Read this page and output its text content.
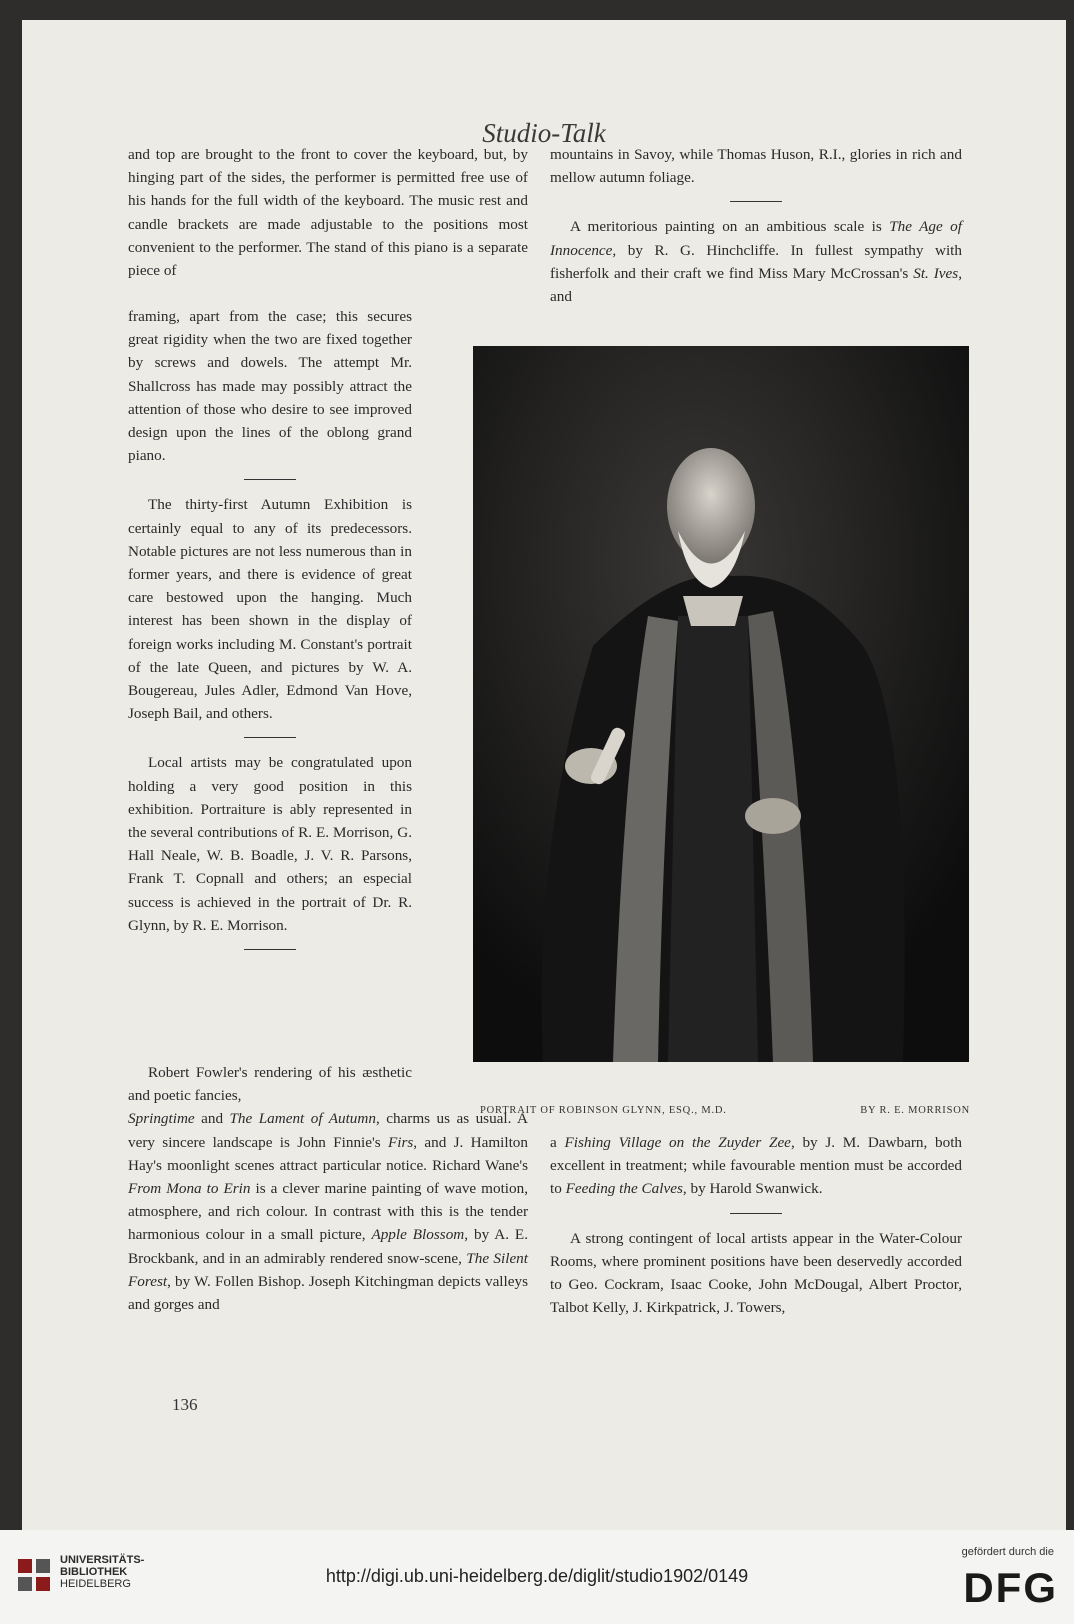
Studio-Talk

and top are brought to the front to cover the keyboard, but, by hinging part of the sides, the performer is permitted free use of his hands for the full width of the keyboard. The music rest and candle brackets are made adjustable to the positions most convenient to the performer. The stand of this piano is a separate piece of

framing, apart from the case; this secures great rigidity when the two are fixed together by screws and dowels. The attempt Mr. Shallcross has made may possibly attract the attention of those who desire to see improved design upon the lines of the oblong grand piano.

The thirty-first Autumn Exhibition is certainly equal to any of its predecessors. Notable pictures are not less numerous than in former years, and there is evidence of great care bestowed upon the hanging. Much interest has been shown in the display of foreign works including M. Constant's portrait of the late Queen, and pictures by W. A. Bougereau, Jules Adler, Edmond Van Hove, Joseph Bail, and others.

Local artists may be congratulated upon holding a very good position in this exhibition. Portraiture is ably represented in the several contributions of R. E. Morrison, G. Hall Neale, W. B. Boadle, J. V. R. Parsons, Frank T. Copnall and others; an especial success is achieved in the portrait of Dr. R. Glynn, by R. E. Morrison.

Robert Fowler's rendering of his æsthetic and poetic fancies,

Springtime and The Lament of Autumn, charms us as usual. A very sincere landscape is John Finnie's Firs, and J. Hamilton Hay's moonlight scenes attract particular notice. Richard Wane's From Mona to Erin is a clever marine painting of wave motion, atmosphere, and rich colour. In contrast with this is the tender harmonious colour in a small picture, Apple Blossom, by A. E. Brockbank, and in an admirably rendered snow-scene, The Silent Forest, by W. Follen Bishop. Joseph Kitchingman depicts valleys and gorges and

mountains in Savoy, while Thomas Huson, R.I., glories in rich and mellow autumn foliage.

A meritorious painting on an ambitious scale is The Age of Innocence, by R. G. Hinchcliffe. In fullest sympathy with fisherfolk and their craft we find Miss Mary McCrossan's St. Ives, and

PORTRAIT OF ROBINSON GLYNN, ESQ., M.D.	BY R. E. MORRISON

a Fishing Village on the Zuyder Zee, by J. M. Dawbarn, both excellent in treatment; while favourable mention must be accorded to Feeding the Calves, by Harold Swanwick.

A strong contingent of local artists appear in the Water-Colour Rooms, where prominent positions have been deservedly accorded to Geo. Cockram, Isaac Cooke, John McDougal, Albert Proctor, Talbot Kelly, J. Kirkpatrick, J. Towers,

136
UNIVERSITÄTS-
BIBLIOTHEK
HEIDELBERG	http://digi.ub.uni-heidelberg.de/diglit/studio1902/0149
gefördert durch die
DFG
